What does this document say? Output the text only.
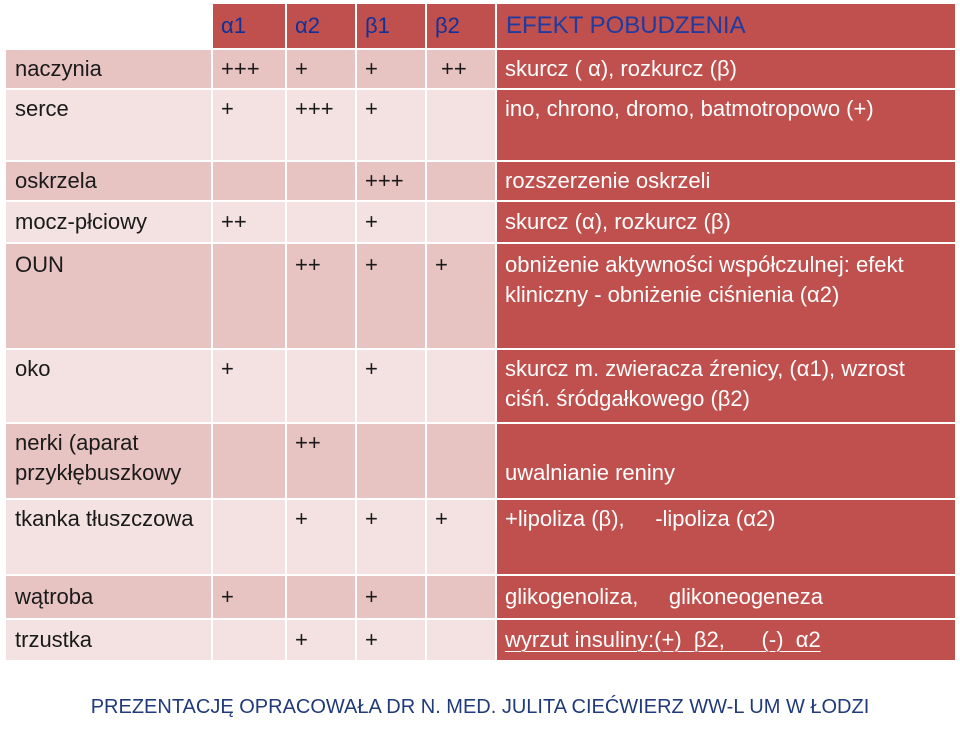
	α1	α2	β1	β2	EFEKT POBUDZENIA
naczynia	+++	+	+	++	skurcz ( α), rozkurcz (β)
serce	+	+++	+		ino, chrono, dromo, batmotropowo (+)
oskrzela			+++		rozszerzenie oskrzeli
mocz-płciowy	++		+		skurcz (α), rozkurcz (β)
OUN		++	+	+	obniżenie aktywności współczulnej: efekt kliniczny - obniżenie ciśnienia (α2)
oko	+		+		skurcz m. zwieracza źrenicy, (α1), wzrost ciśń. śródgałkowego (β2)
nerki (aparat przykłębuszkowy		++			uwalnianie reniny
tkanka tłuszczowa		+	+	+	+lipoliza (β),     -lipoliza (α2)
wątroba	+		+		glikogenoliza,     glikoneogeneza
trzustka		+	+		wyrzut insuliny:(+)  β2,      (-)  α2
PREZENTACJĘ OPRACOWAŁA DR N. MED. JULITA CIEĆWIERZ WW-L UM W ŁODZI
